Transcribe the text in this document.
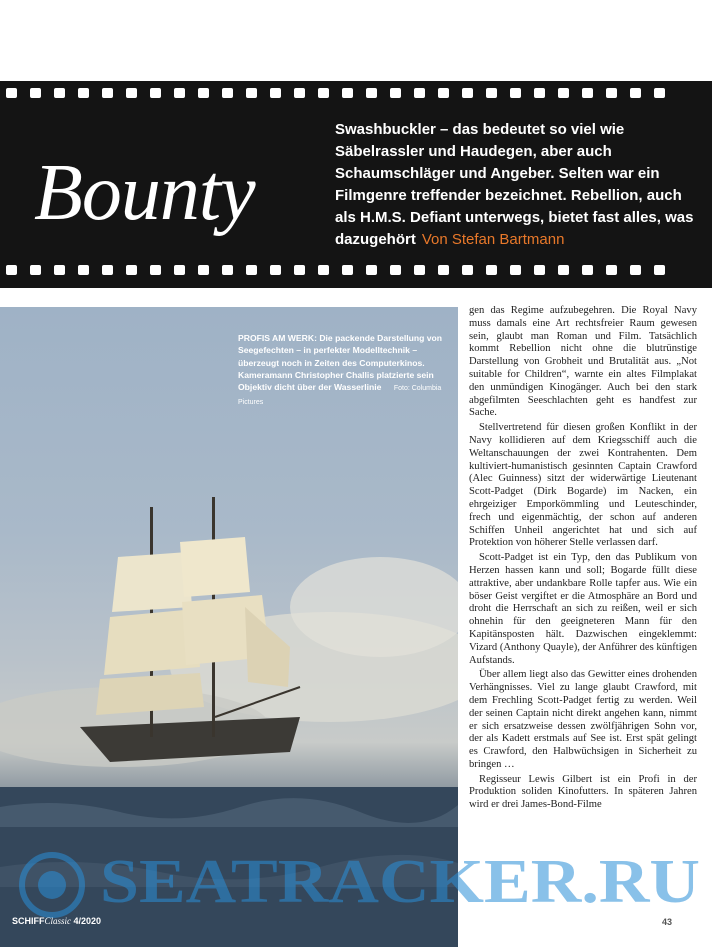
Bounty
Swashbuckler – das bedeutet so viel wie Säbelrassler und Haudegen, aber auch Schaumschläger und Angeber. Selten war ein Filmgenre treffender bezeichnet. Rebellion, auch als H.M.S. Defiant unterwegs, bietet fast alles, was dazugehört Von Stefan Bartmann
PROFIS AM WERK: Die packende Darstellung von Seegefechten – in perfekter Modelltechnik – überzeugt noch in Zeiten des Computerkinos. Kameramann Christopher Challis platzierte sein Objektiv dicht über der Wasserlinie Foto: Columbia Pictures

gen das Regime aufzubegehren. Die Royal Navy muss damals eine Art rechtsfreier Raum gewesen sein, glaubt man Roman und Film. Tatsächlich kommt Rebellion nicht ohne die blutrünstige Darstellung von Grobheit und Brutalität aus. „Not suitable for Children“, warnte ein altes Filmplakat den unmündigen Kinogänger. Auch bei den stark abgefilmten Seeschlachten geht es handfest zur Sache.

Stellvertretend für diesen großen Konflikt in der Navy kollidieren auf dem Kriegsschiff auch die Weltanschauungen der zwei Kontrahenten. Dem kultiviert-humanistisch gesinnten Captain Crawford (Alec Guinness) sitzt der widerwärtige Lieutenant Scott-Padget (Dirk Bogarde) im Nacken, ein ehrgeiziger Emporkömmling und Leuteschinder, frech und eigenmächtig, der schon auf anderen Schiffen Unheil angerichtet hat und sich auf Protektion von höherer Stelle verlassen darf.

Scott-Padget ist ein Typ, den das Publikum von Herzen hassen kann und soll; Bogarde füllt diese attraktive, aber undankbare Rolle tapfer aus. Wie ein böser Geist vergiftet er die Atmosphäre an Bord und droht die Herrschaft an sich zu reißen, weil er sich ohnehin für den geeigneteren Mann für den Kapitänsposten hält. Dazwischen eingeklemmt: Vizard (Anthony Quayle), der Anführer des künftigen Aufstands.

Über allem liegt also das Gewitter eines drohenden Verhängnisses. Viel zu lange glaubt Crawford, mit dem Frechling Scott-Padget fertig zu werden. Weil der seinen Captain nicht direkt angehen kann, nimmt er sich ersatzweise dessen zwölfjährigen Sohn vor, der als Kadett erstmals auf See ist. Erst spät gelingt es Crawford, den Halbwüchsigen in Sicherheit zu bringen …

Regisseur Lewis Gilbert ist ein Profi in der Produktion soliden Kinofutters. In späteren Jahren wird er drei James-Bond-Filme

SEATRACKER.RU
SCHIFFClassic 4/2020	43
